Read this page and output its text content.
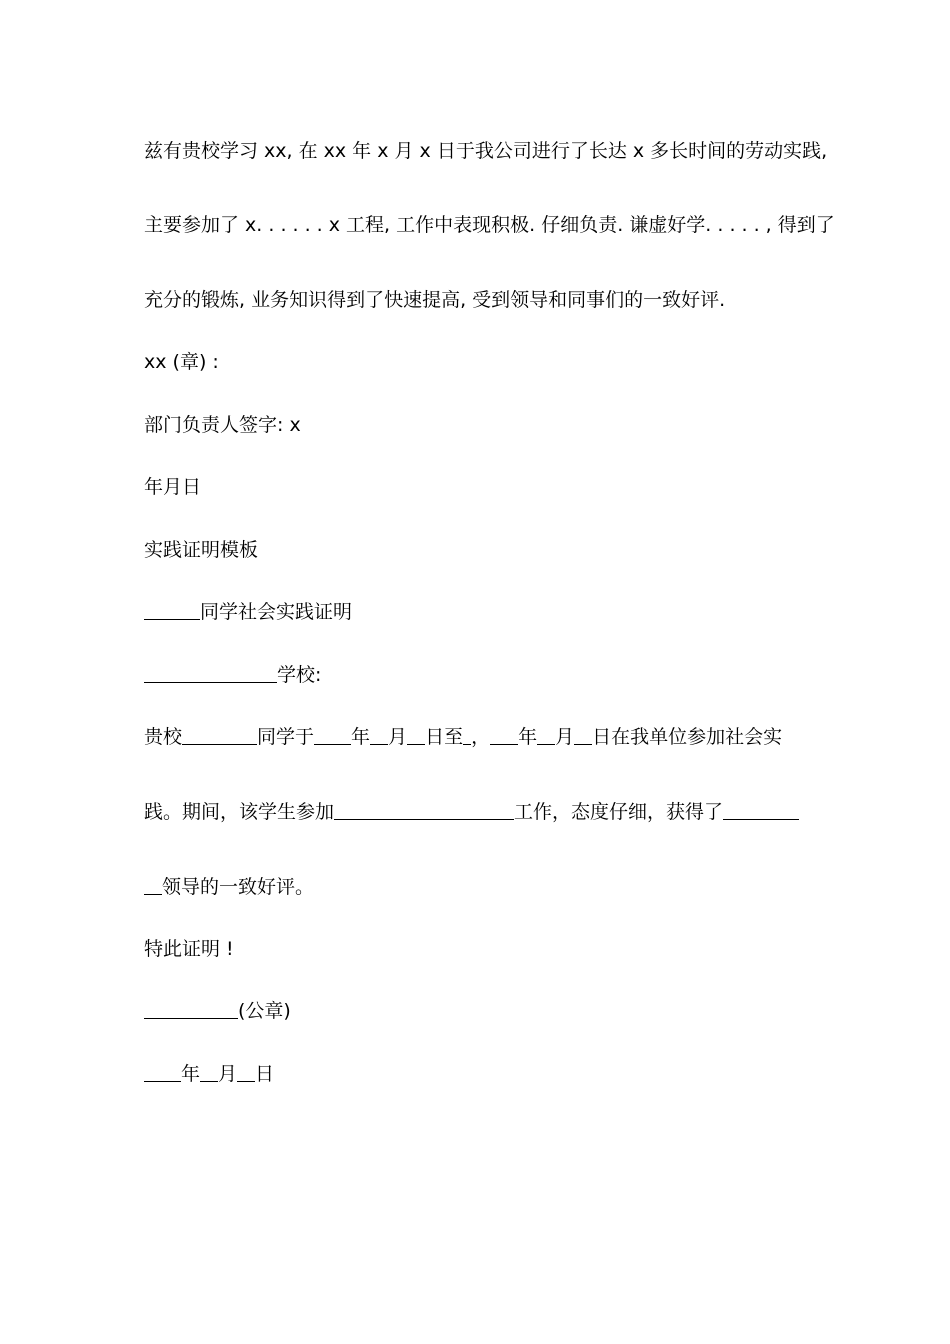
兹有贵校学习 xx, 在 xx 年 x 月 x 日于我公司进行了长达 x 多长时间的劳动实践,

主要参加了 x. . . . . . x 工程, 工作中表现积极. 仔细负责. 谦虚好学. . . . . , 得到了

充分的锻炼, 业务知识得到了快速提高, 受到领导和同事们的一致好评.

xx (章) :

部门负责人签字: x

年月日

实践证明模板

同学社会实践证明

学校:

贵校	同学于 年 月 日至 ， 年 月 日在我单位参加社会实

践。期间，该学生参加	工作，态度仔细，获得了

领导的一致好评。

特此证明 !

(公章)

年 月 日
